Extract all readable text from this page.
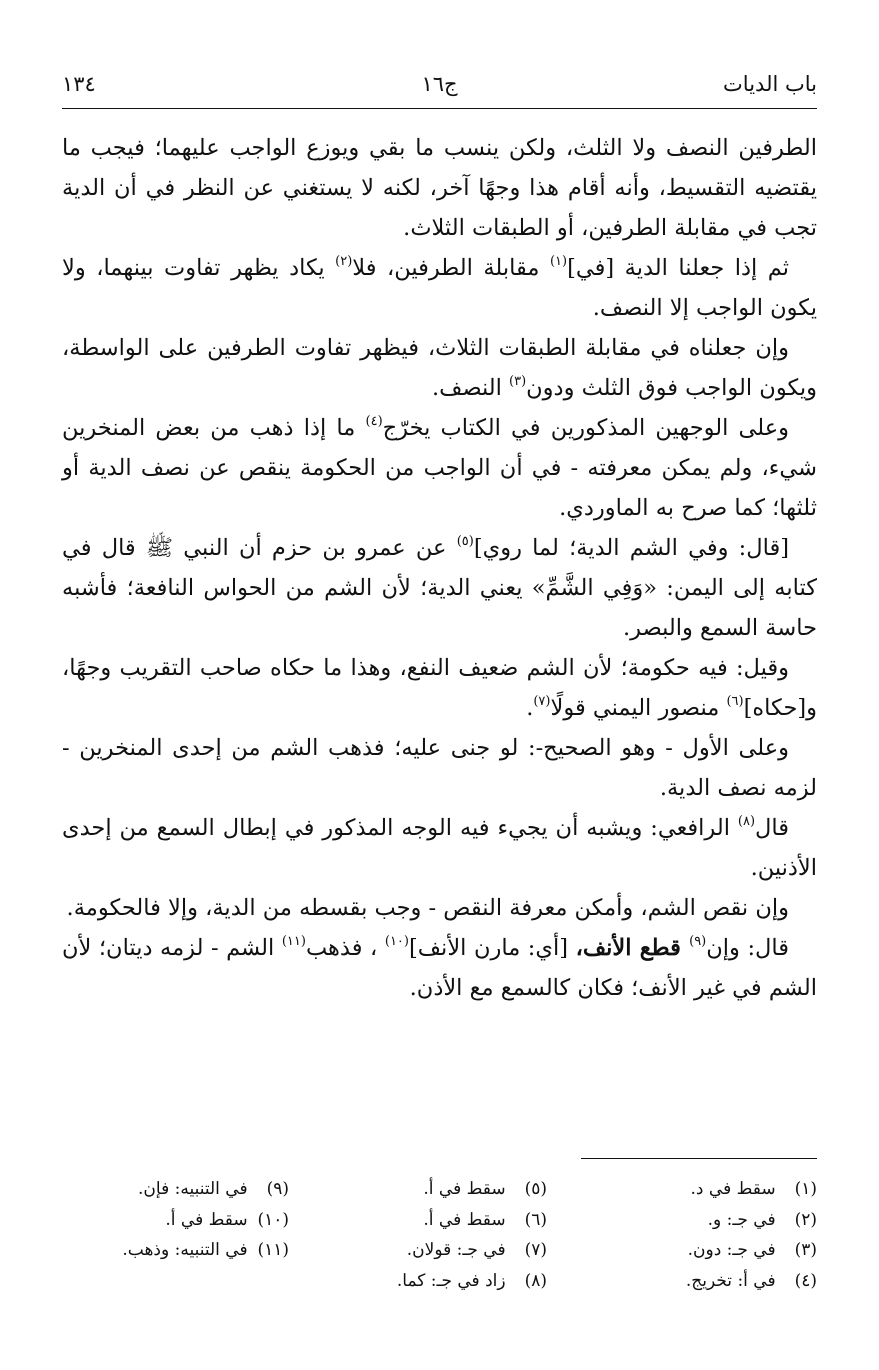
باب الديات
ج١٦
١٣٤

الطرفين النصف ولا الثلث، ولكن ينسب ما بقي ويوزع الواجب عليهما؛ فيجب ما يقتضيه التقسيط، وأنه أقام هذا وجهًا آخر، لكنه لا يستغني عن النظر في أن الدية تجب في مقابلة الطرفين، أو الطبقات الثلاث.

ثم إذا جعلنا الدية [في]$^{(١)}$ مقابلة الطرفين، فلا$^{(٢)}$ يكاد يظهر تفاوت بينهما، ولا يكون الواجب إلا النصف.

وإن جعلناه في مقابلة الطبقات الثلاث، فيظهر تفاوت الطرفين على الواسطة، ويكون الواجب فوق الثلث ودون$^{(٣)}$ النصف.

وعلى الوجهين المذكورين في الكتاب يخرّج$^{(٤)}$ ما إذا ذهب من بعض المنخرين شيء، ولم يمكن معرفته - في أن الواجب من الحكومة ينقص عن نصف الدية أو ثلثها؛ كما صرح به الماوردي.

[قال: وفي الشم الدية؛ لما روي]$^{(٥)}$ عن عمرو بن حزم أن النبي ﷺ قال في كتابه إلى اليمن: «وَفِي الشَّمِّ» يعني الدية؛ لأن الشم من الحواس النافعة؛ فأشبه حاسة السمع والبصر.

وقيل: فيه حكومة؛ لأن الشم ضعيف النفع، وهذا ما حكاه صاحب التقريب وجهًا، و[حكاه]$^{(٦)}$ منصور اليمني قولًا$^{(٧)}$.

وعلى الأول - وهو الصحيح-: لو جنى عليه؛ فذهب الشم من إحدى المنخرين - لزمه نصف الدية.

قال$^{(٨)}$ الرافعي: ويشبه أن يجيء فيه الوجه المذكور في إبطال السمع من إحدى الأذنين.

وإن نقص الشم، وأمكن معرفة النقص - وجب بقسطه من الدية، وإلا فالحكومة.

قال: وإن$^{(٩)}$ قطع الأنف، [أي: مارن الأنف]$^{(١٠)}$ ، فذهب$^{(١١)}$ الشم - لزمه ديتان؛ لأن الشم في غير الأنف؛ فكان كالسمع مع الأذن.

(١) سقط في د.
(٢) في جـ: و.
(٣) في جـ: دون.
(٤) في أ: تخريج.
(٥) سقط في أ.
(٦) سقط في أ.
(٧) في جـ: قولان.
(٨) زاد في جـ: كما.
(٩) في التنبيه: فإن.
(١٠) سقط في أ.
(١١) في التنبيه: وذهب.
